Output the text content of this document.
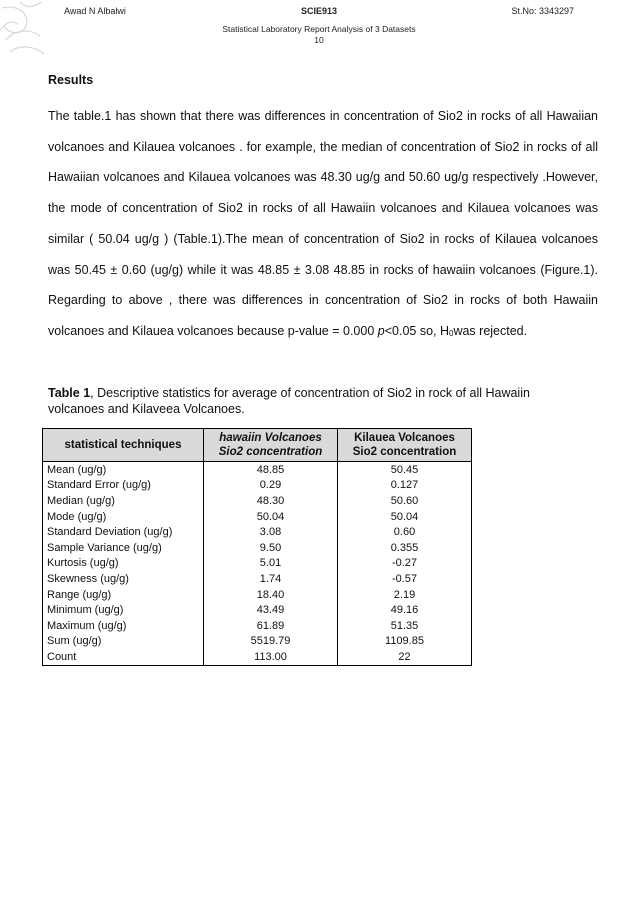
Awad N Albalwi	SCIE913	St.No: 3343297
Statistical Laboratory Report Analysis of 3 Datasets
10
Results

The table.1 has shown that there was differences in concentration of Sio2 in rocks of all Hawaiian volcanoes and Kilauea volcanoes . for example, the median of concentration of Sio2 in rocks of all Hawaiian volcanoes and Kilauea volcanoes was 48.30 ug/g and 50.60 ug/g respectively .However, the mode of concentration of Sio2 in rocks of all Hawaiin volcanoes and Kilauea volcanoes was similar ( 50.04 ug/g ) (Table.1).The mean of concentration of Sio2 in rocks of Kilauea volcanoes was 50.45 ± 0.60 (ug/g) while it was 48.85 ± 3.08 48.85 in rocks of hawaiin volcanoes (Figure.1). Regarding to above , there was differences in concentration of Sio2 in rocks of both Hawaiin volcanoes and Kilauea volcanoes because p-value = 0.000 p<0.05 so, $H_0was$ rejected.

Table 1, Descriptive statistics for average of concentration of Sio2 in rock of all Hawaiin volcanoes and Kilaveea Volcanoes.

statistical techniques	hawaiin Volcanoes Sio2 concentration	Kilauea Volcanoes Sio2 concentration
Mean (ug/g)	48.85	50.45
Standard Error (ug/g)	0.29	0.127
Median (ug/g)	48.30	50.60
Mode (ug/g)	50.04	50.04
Standard Deviation (ug/g)	3.08	0.60
Sample Variance (ug/g)	9.50	0.355
Kurtosis (ug/g)	5.01	-0.27
Skewness (ug/g)	1.74	-0.57
Range (ug/g)	18.40	2.19
Minimum (ug/g)	43.49	49.16
Maximum (ug/g)	61.89	51.35
Sum (ug/g)	5519.79	1109.85
Count	113.00	22
